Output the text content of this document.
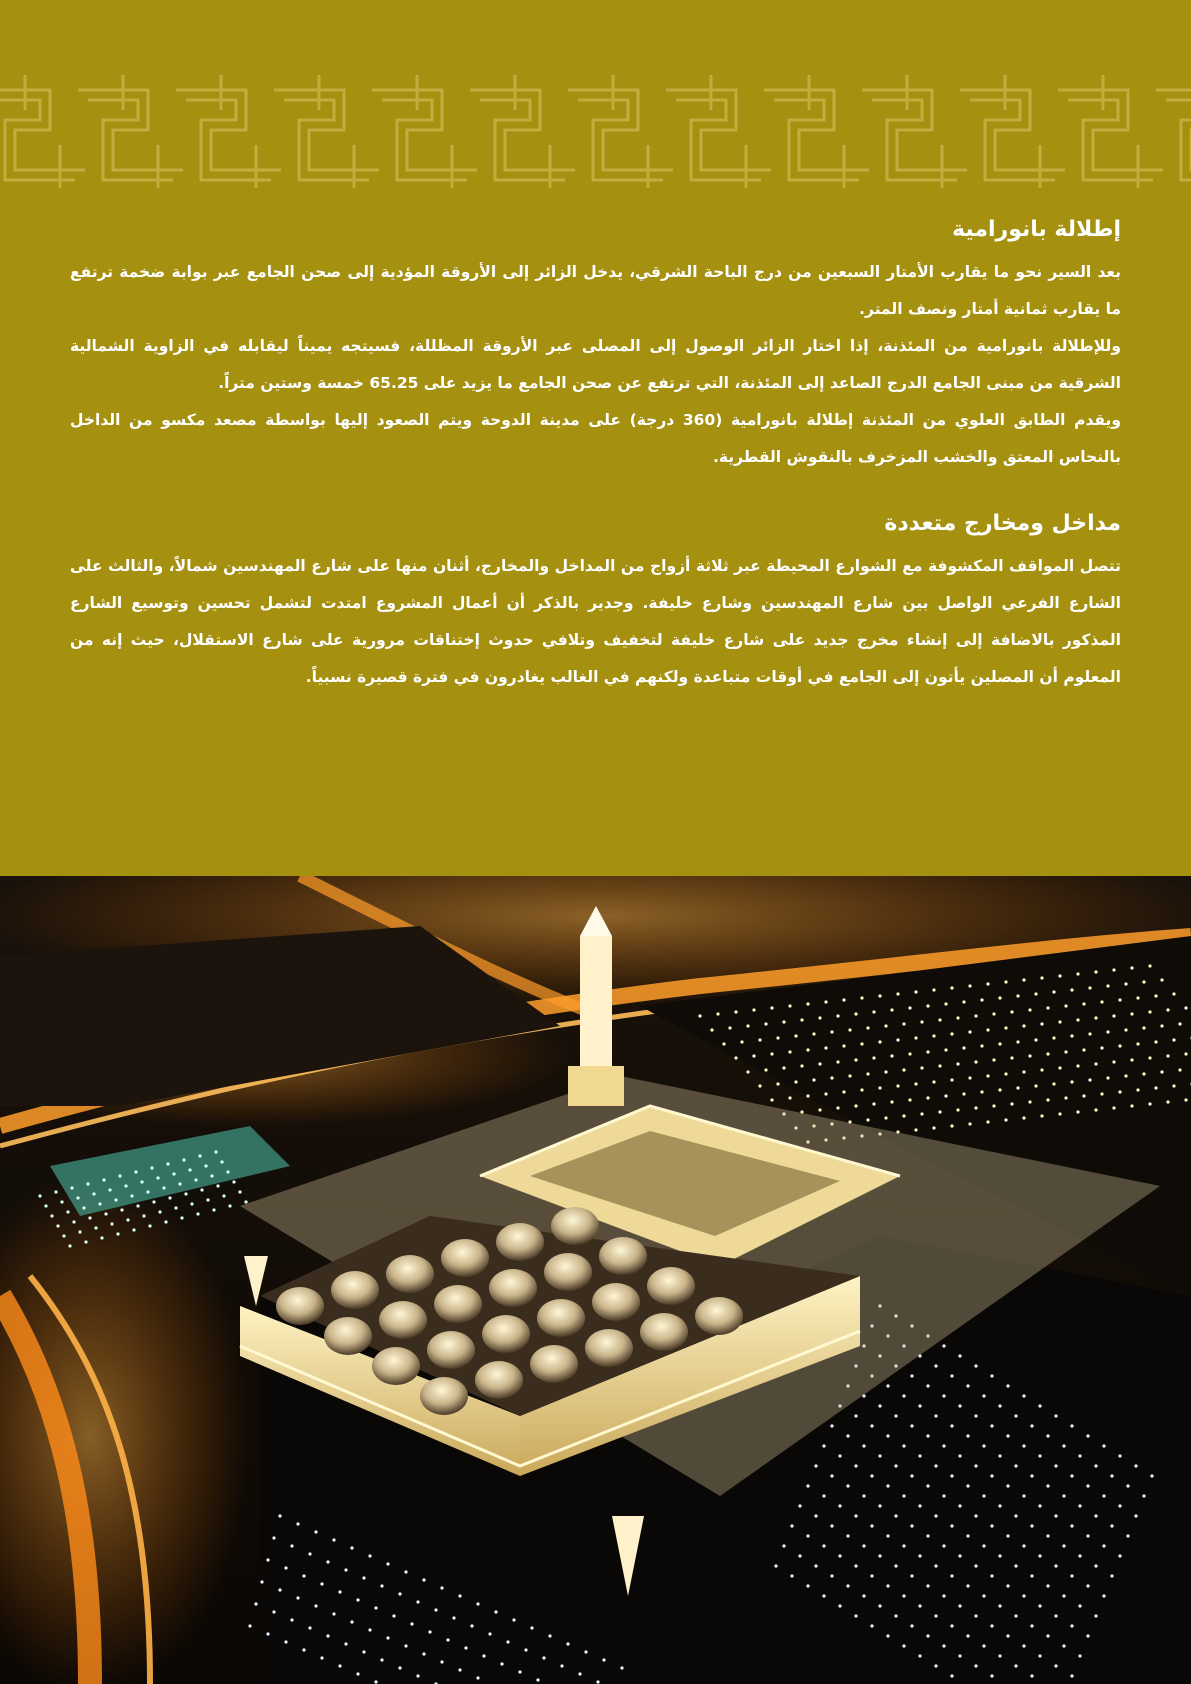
إطلالة بانورامية

بعد السير نحو ما يقارب الأمتار السبعين من درج الباحة الشرقي، يدخل الزائر إلى الأروقة المؤدية إلى صحن الجامع عبر بوابة ضخمة ترتفع ما يقارب ثمانية أمتار ونصف المتر.

وللإطلالة بانورامية من المئذنة، إذا اختار الزائر الوصول إلى المصلى عبر الأروقة المظللة، فسيتجه يميناً ليقابله في الزاوية الشمالية الشرقية من مبنى الجامع الدرج الصاعد إلى المئذنة، التي ترتفع عن صحن الجامع ما يزيد على 65.25 خمسة وستين متراً.

ويقدم الطابق العلوي من المئذنة إطلالة بانورامية (360 درجة) على مدينة الدوحة ويتم الصعود إليها بواسطة مصعد مكسو من الداخل بالنحاس المعتق والخشب المزخرف بالنقوش القطرية.

مداخل ومخارج متعددة

تتصل المواقف المكشوفة مع الشوارع المحيطة عبر ثلاثة أزواج من المداخل والمخارج، أثنان منها على شارع المهندسين شمالاً، والثالث على الشارع الفرعي الواصل بين شارع المهندسين وشارع خليفة. وجدير بالذكر أن أعمال المشروع امتدت لتشمل تحسين وتوسيع الشارع المذكور بالاضافة إلى إنشاء مخرج جديد على شارع خليفة لتخفيف وتلافي حدوث إختناقات مرورية على شارع الاستقلال، حيث إنه من المعلوم أن المصلين يأتون إلى الجامع في أوقات متباعدة ولكنهم في الغالب يغادرون في فترة قصيرة نسبياً.
